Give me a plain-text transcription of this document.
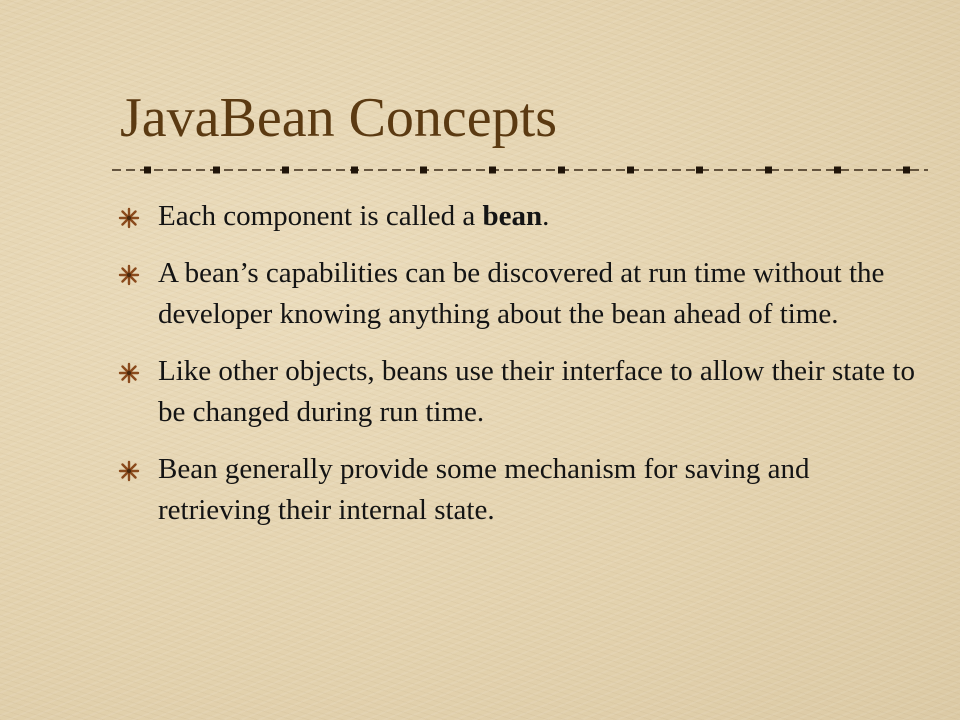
JavaBean Concepts
Each component is called a bean.
A bean’s capabilities can be discovered at run time without the developer knowing anything about the bean ahead of time.
Like other objects, beans use their interface to allow their state to be changed during run time.
Bean generally provide some mechanism for saving and retrieving their internal state.
